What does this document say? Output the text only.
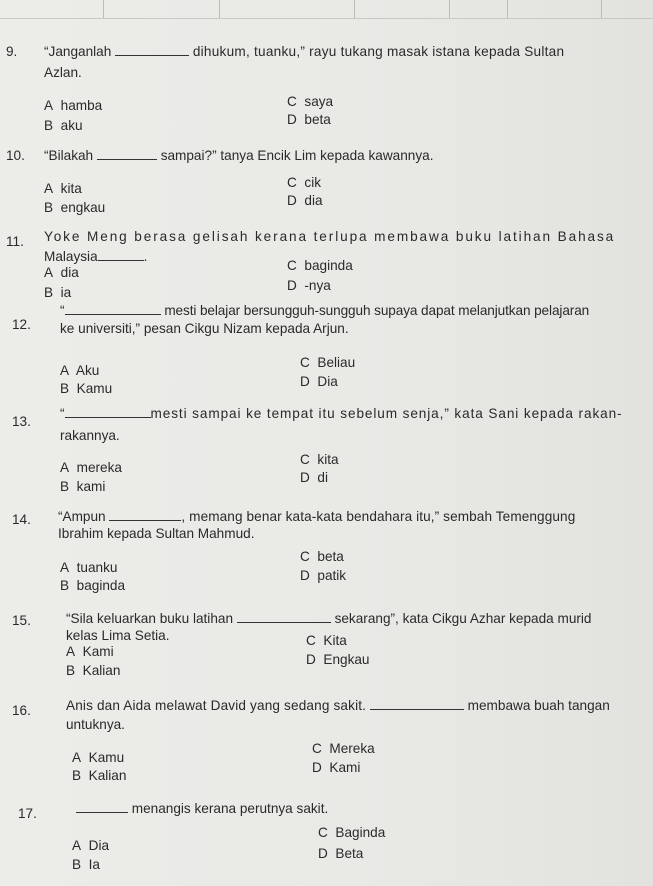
9. “Janganlah	dihukum, tuanku,” rayu tukang masak istana kepada Sultan
Azlan.
A hamba
B aku
C saya
D beta
10. “Bilakah	sampai?” tanya Encik Lim kepada kawannya.
A kita
B engkau
C cik
D dia
11. Yoke Meng berasa gelisah kerana terlupa membawa buku latihan Bahasa
Malaysia	.
A dia
B ia
C baginda
D -nya
12.
“	mesti belajar bersungguh-sungguh supaya dapat melanjutkan pelajaran
ke universiti,” pesan Cikgu Nizam kepada Arjun.
A Aku
B Kamu
C Beliau
D Dia
13.
“	mesti sampai ke tempat itu sebelum senja,” kata Sani kepada rakan-
rakannya.
A mereka
B kami
C kita
D di
14. “Ampun	, memang benar kata-kata bendahara itu,” sembah Temenggung
Ibrahim kepada Sultan Mahmud.
A tuanku
B baginda
C beta
D patik
15.	“Sila keluarkan buku latihan	sekarang”, kata Cikgu Azhar kepada murid
kelas Lima Setia.
A Kami
B Kalian
C Kita
D Engkau
16.	Anis dan Aida melawat David yang sedang sakit.	membawa buah tangan
untuknya.
A Kamu
B Kalian
C Mereka
D Kami
17.	menangis kerana perutnya sakit.
A Dia
B Ia
C Baginda
D Beta
